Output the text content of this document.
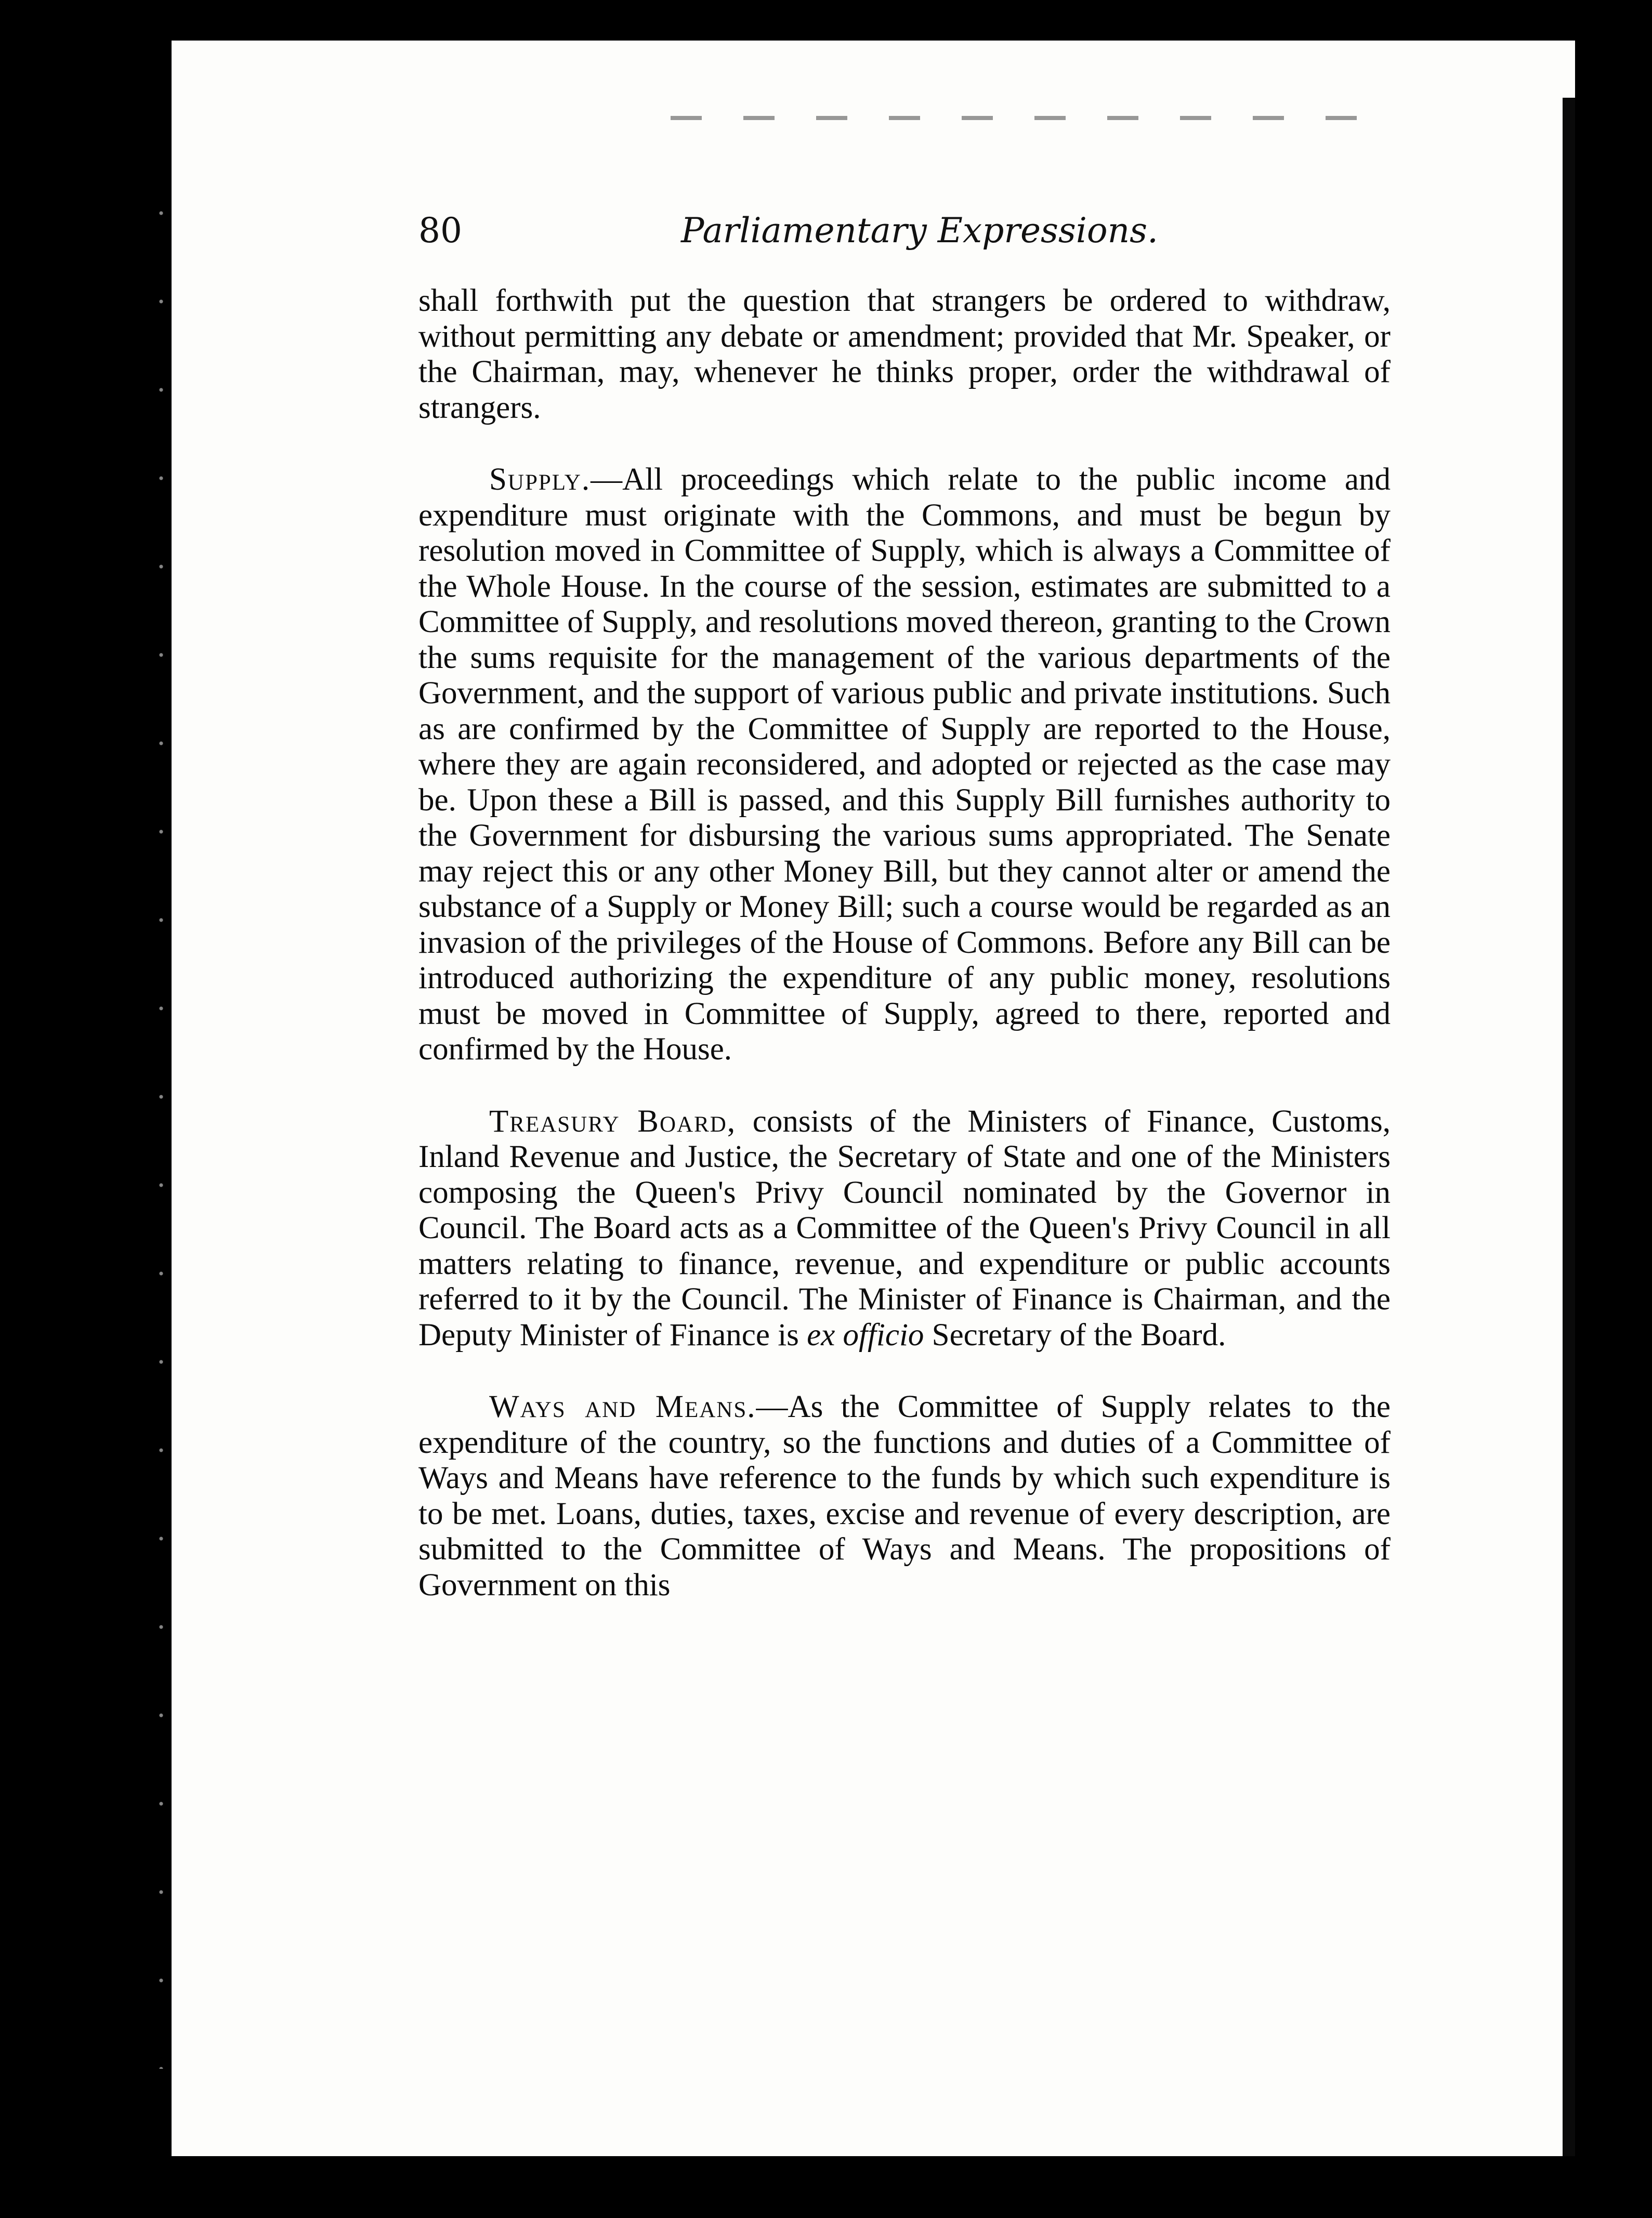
80	Parliamentary Expressions.

shall forthwith put the question that strangers be ordered to withdraw, without permitting any debate or amendment; provided that Mr. Speaker, or the Chairman, may, whenever he thinks proper, order the withdrawal of strangers.

Supply.—All proceedings which relate to the public income and expenditure must originate with the Commons, and must be begun by resolution moved in Committee of Supply, which is always a Committee of the Whole House. In the course of the session, estimates are submitted to a Committee of Supply, and resolutions moved thereon, granting to the Crown the sums requisite for the management of the various departments of the Government, and the support of various public and private institutions. Such as are confirmed by the Committee of Supply are reported to the House, where they are again reconsidered, and adopted or rejected as the case may be. Upon these a Bill is passed, and this Supply Bill furnishes authority to the Government for disbursing the various sums appropriated. The Senate may reject this or any other Money Bill, but they cannot alter or amend the substance of a Supply or Money Bill; such a course would be regarded as an invasion of the privileges of the House of Commons. Before any Bill can be introduced authorizing the expenditure of any public money, resolutions must be moved in Committee of Supply, agreed to there, reported and confirmed by the House.

Treasury Board, consists of the Ministers of Finance, Customs, Inland Revenue and Justice, the Secretary of State and one of the Ministers composing the Queen's Privy Council nominated by the Governor in Council. The Board acts as a Committee of the Queen's Privy Council in all matters relating to finance, revenue, and expenditure or public accounts referred to it by the Council. The Minister of Finance is Chairman, and the Deputy Minister of Finance is ex officio Secretary of the Board.

Ways and Means.—As the Committee of Supply relates to the expenditure of the country, so the functions and duties of a Committee of Ways and Means have reference to the funds by which such expenditure is to be met. Loans, duties, taxes, excise and revenue of every description, are submitted to the Committee of Ways and Means. The propositions of Government on this
